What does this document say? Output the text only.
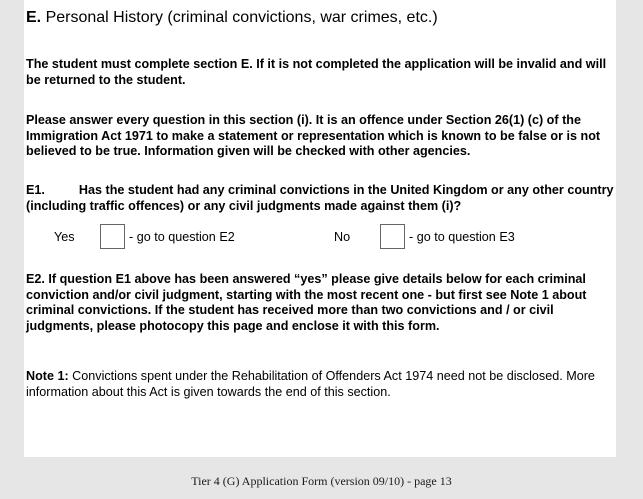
E. Personal History (criminal convictions, war crimes, etc.)

The student must complete section E. If it is not completed the application will be invalid and will be returned to the student.

Please answer every question in this section (i). It is an offence under Section 26(1) (c) of the Immigration Act 1971 to make a statement or representation which is known to be false or is not believed to be true. Information given will be checked with other agencies.

E1.	Has the student had any criminal convictions in the United Kingdom or any other country (including traffic offences) or any civil judgments made against them (i)?

Yes	- go to question E2	No	- go to question E3

E2. If question E1 above has been answered “yes” please give details below for each criminal conviction and/or civil judgment, starting with the most recent one - but first see Note 1 about criminal convictions. If the student has received more than two convictions and / or civil judgments, please photocopy this page and enclose it with this form.

Note 1: Convictions spent under the Rehabilitation of Offenders Act 1974 need not be disclosed. More information about this Act is given towards the end of this section.

Tier 4 (G) Application Form (version 09/10) - page 13
